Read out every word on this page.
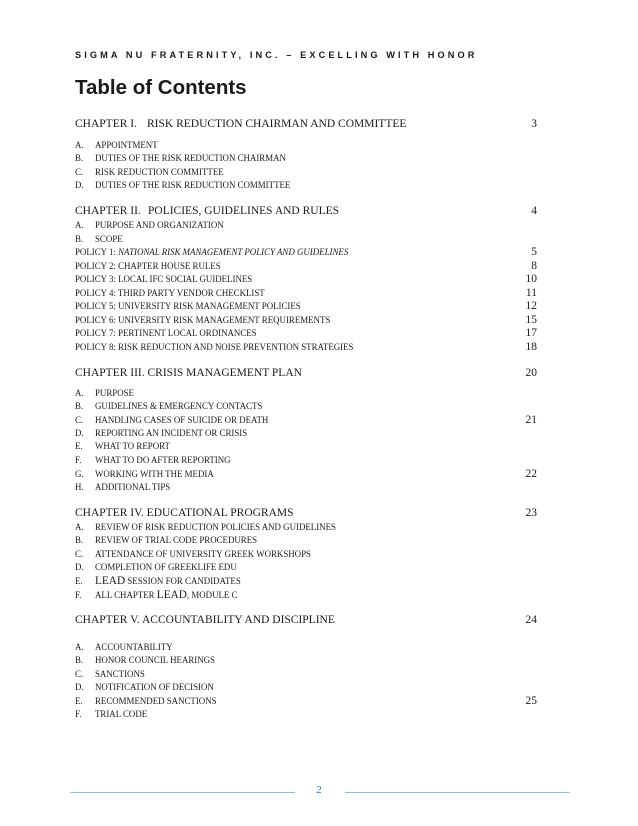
SIGMA NU FRATERNITY, INC. – EXCELLING WITH HONOR
Table of Contents
CHAPTER I. RISK REDUCTION CHAIRMAN AND COMMITTEE	3
A. APPOINTMENT
B. DUTIES OF THE RISK REDUCTION CHAIRMAN
C. RISK REDUCTION COMMITTEE
D. DUTIES OF THE RISK REDUCTION COMMITTEE
CHAPTER II. POLICIES, GUIDELINES AND RULES	4
A. PURPOSE AND ORGANIZATION
B. SCOPE
POLICY 1: NATIONAL RISK MANAGEMENT POLICY AND GUIDELINES	5
POLICY 2: CHAPTER HOUSE RULES	8
POLICY 3: LOCAL IFC SOCIAL GUIDELINES	10
POLICY 4: THIRD PARTY VENDOR CHECKLIST	11
POLICY 5: UNIVERSITY RISK MANAGEMENT POLICIES	12
POLICY 6: UNIVERSITY RISK MANAGEMENT REQUIREMENTS	15
POLICY 7: PERTINENT LOCAL ORDINANCES	17
POLICY 8: RISK REDUCTION AND NOISE PREVENTION STRATEGIES	18
CHAPTER III. CRISIS MANAGEMENT PLAN	20
A. PURPOSE
B. GUIDELINES & EMERGENCY CONTACTS
C. HANDLING CASES OF SUICIDE OR DEATH	21
D. REPORTING AN INCIDENT OR CRISIS
E. WHAT TO REPORT
F. WHAT TO DO AFTER REPORTING
G. WORKING WITH THE MEDIA	22
H. ADDITIONAL TIPS
CHAPTER IV. EDUCATIONAL PROGRAMS	23
A. REVIEW OF RISK REDUCTION POLICIES AND GUIDELINES
B. REVIEW OF TRIAL CODE PROCEDURES
C. ATTENDANCE OF UNIVERSITY GREEK WORKSHOPS
D. COMPLETION OF GREEKLIFE EDU
E. LEAD SESSION FOR CANDIDATES
F. ALL CHAPTER LEAD, MODULE C
CHAPTER V. ACCOUNTABILITY AND DISCIPLINE	24
A. ACCOUNTABILITY
B. HONOR COUNCIL HEARINGS
C. SANCTIONS
D. NOTIFICATION OF DECISION
E. RECOMMENDED SANCTIONS	25
F. TRIAL CODE
2
